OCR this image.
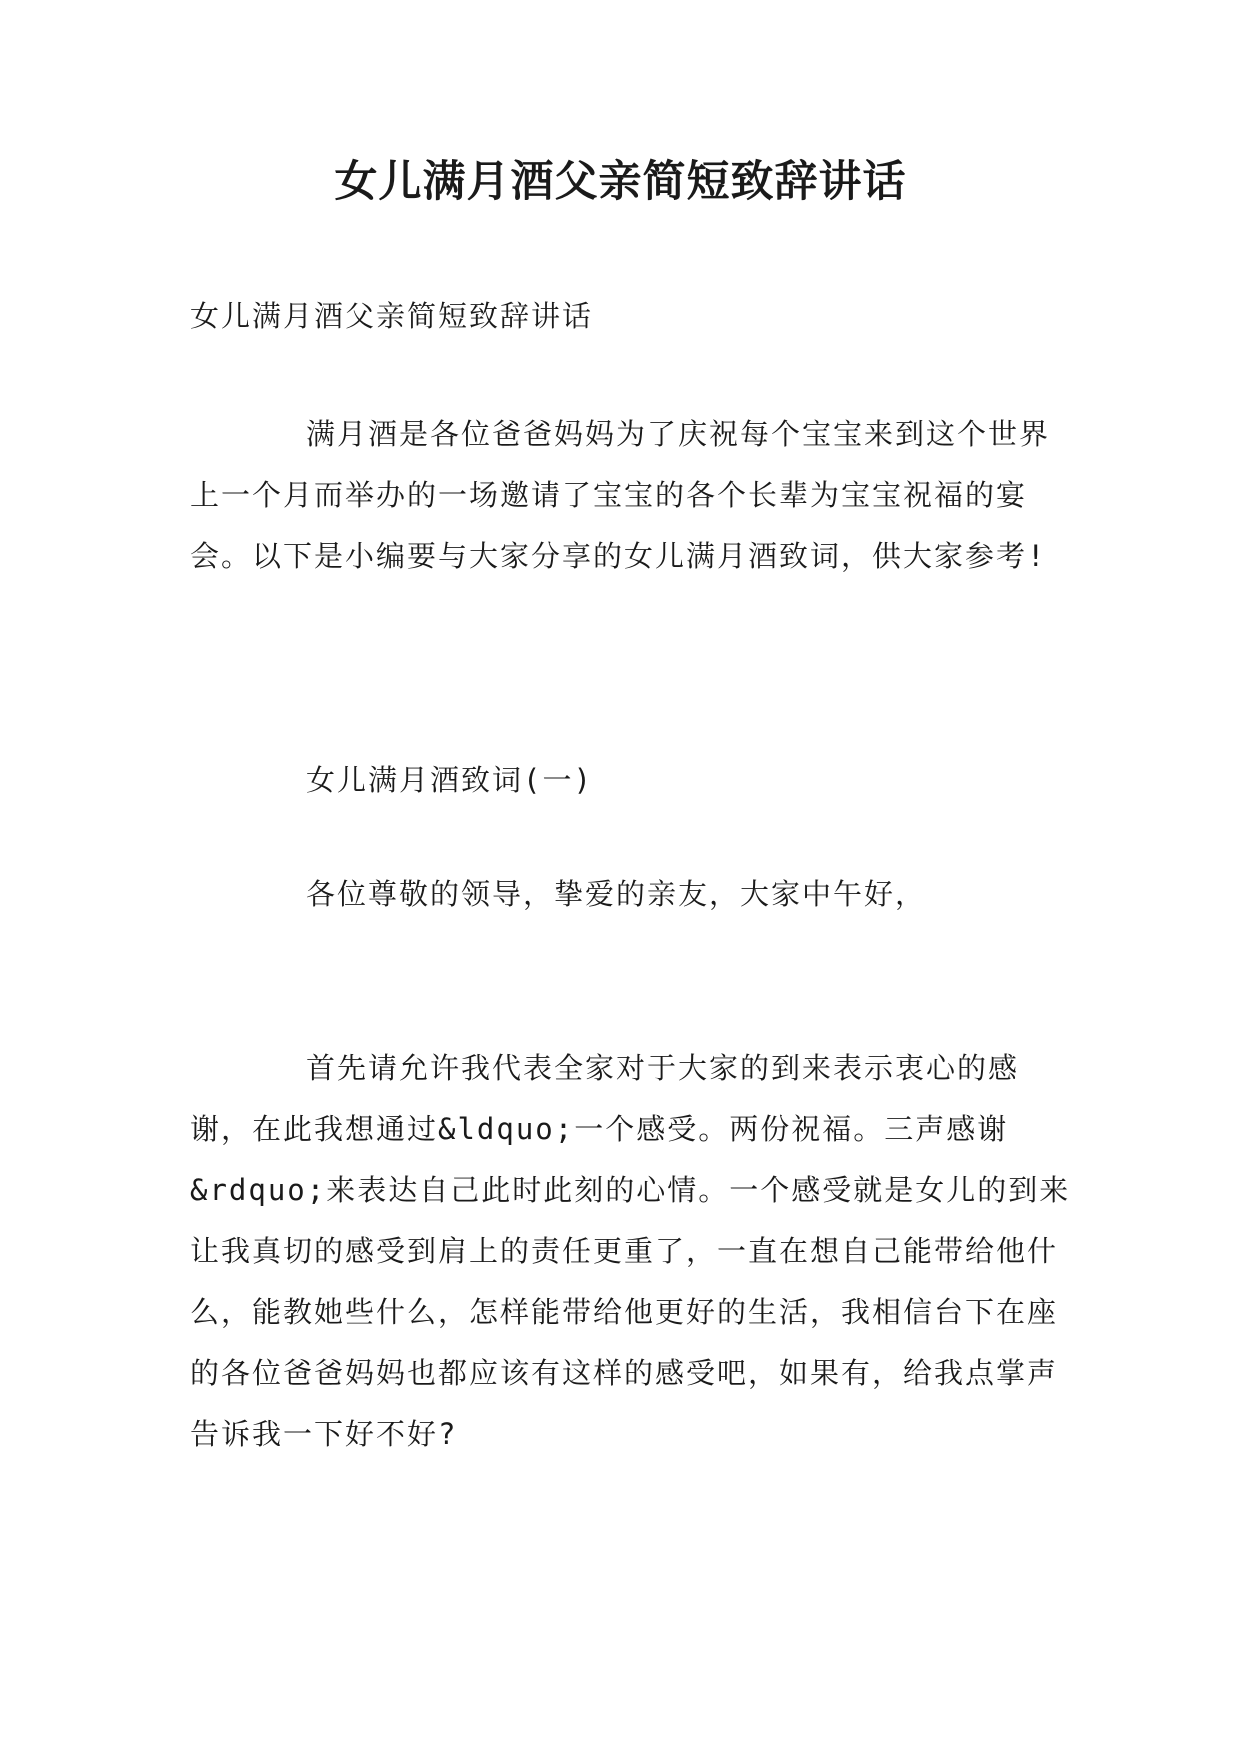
女儿满月酒父亲简短致辞讲话

女儿满月酒父亲简短致辞讲话

满月酒是各位爸爸妈妈为了庆祝每个宝宝来到这个世界上一个月而举办的一场邀请了宝宝的各个长辈为宝宝祝福的宴会。以下是小编要与大家分享的女儿满月酒致词，供大家参考!

女儿满月酒致词(一)

各位尊敬的领导，挚爱的亲友，大家中午好，

首先请允许我代表全家对于大家的到来表示衷心的感谢，在此我想通过&ldquo;一个感受。两份祝福。三声感谢&rdquo;来表达自己此时此刻的心情。一个感受就是女儿的到来让我真切的感受到肩上的责任更重了，一直在想自己能带给他什么，能教她些什么，怎样能带给他更好的生活，我相信台下在座的各位爸爸妈妈也都应该有这样的感受吧，如果有，给我点掌声告诉我一下好不好?
